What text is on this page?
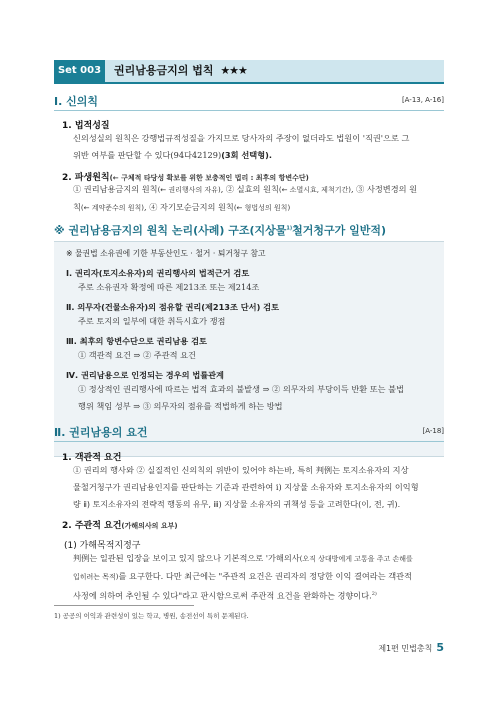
Set 003	권리남용금지의 법칙 ★★★
Ⅰ. 신의칙	[A-13, A-16]
1. 법적성질
신의성실의 원칙은 강행법규적성질을 가지므로 당사자의 주장이 없더라도 법원이 '직권'으로 그
위반 여부를 판단할 수 있다(94다42129)(3회 선택형).
2. 파생원칙(← 구체적 타당성 확보를 위한 보충적인 법리 : 최후의 항변수단)
① 권리남용금지의 원칙(← 권리행사의 자유), ② 실효의 원칙(← 소멸시효, 제척기간), ③ 사정변경의 원
칙(← 계약준수의 원칙), ④ 자기모순금지의 원칙(← 형법성의 원칙)
※ 권리남용금지의 원칙 논리(사례) 구조(지상물$^{1)}$철거청구가 일반적)
※ 물권법 소유권에 기한 부동산인도 · 철거 · 퇴거청구 참고
Ⅰ. 권리자(토지소유자)의 권리행사의 법적근거 검토
주로 소유권자 확정에 따른 제213조 또는 제214조
Ⅱ. 의무자(건물소유자)의 점유할 권리(제213조 단서) 검토
주로 토지의 일부에 대한 취득시효가 쟁점
Ⅲ. 최후의 항변수단으로 권리남용 검토
① 객관적 요건 ⇒ ② 주관적 요건
Ⅳ. 권리남용으로 인정되는 경우의 법률관계
① 정상적인 권리행사에 따르는 법적 효과의 불발생 ⇒ ② 의무자의 부당이득 반환 또는 불법
행위 책임 성부 ⇒ ③ 의무자의 점유를 적법하게 하는 방법
Ⅱ. 권리남용의 요건	[A-18]
1. 객관적 요건
① 권리의 행사와 ② 실질적인 신의칙의 위반이 있어야 하는바, 특히 判例는 토지소유자의 지상
물철거청구가 권리남용인지를 판단하는 기준과 관련하여 ⅰ) 지상물 소유자와 토지소유자의 이익형
량 ⅱ) 토지소유자의 전략적 행동의 유무, ⅲ) 지상물 소유자의 귀책성 등을 고려한다(이, 전, 귀).
2. 주관적 요건(가해의사의 요부)
(1) 가해목적지정구
判例는 일관된 입장을 보이고 있지 않으나 기본적으로 '가해의사(오직 상대방에게 고통을 주고 손해를
입히려는 목적)를 요구한다. 다만 최근에는 "주관적 요건은 권리자의 정당한 이익 결여라는 객관적
사정에 의하여 추인될 수 있다"라고 판시함으로써 주관적 요건을 완화하는 경향이다.$^{2)}$
1) 공공의 이익과 관련성이 있는 학교, 병원, 송전선이 특히 문제된다.
제1편 민법총칙 5
